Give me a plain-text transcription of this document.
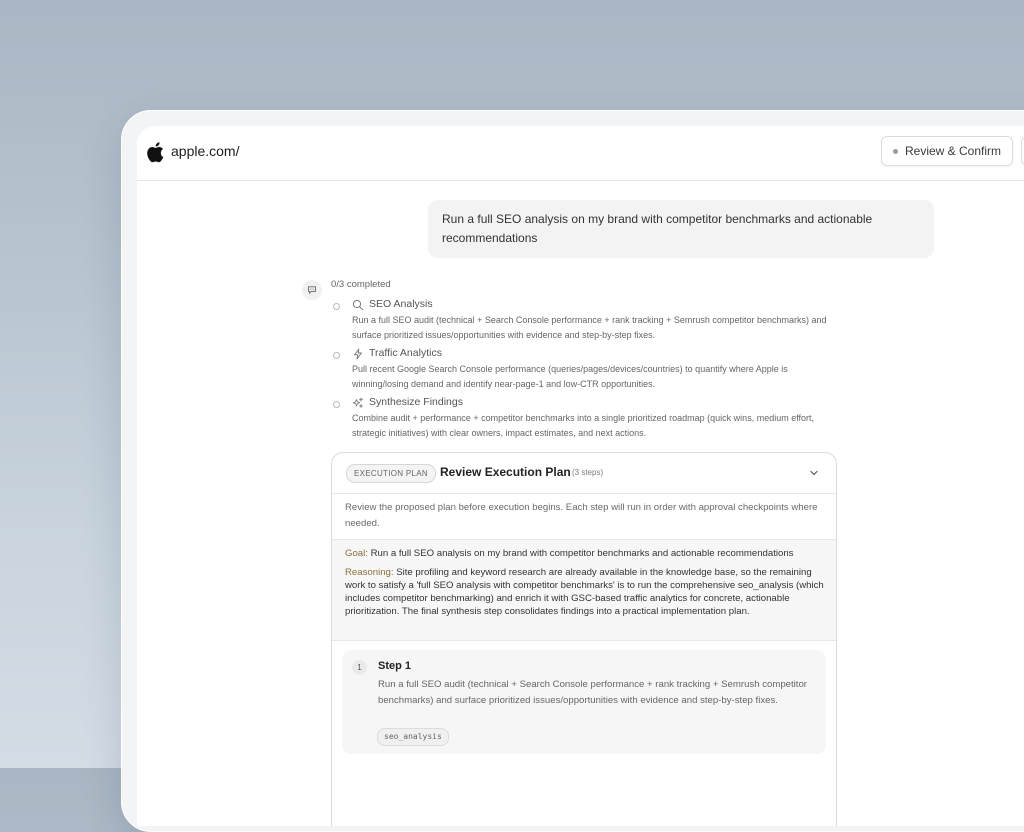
apple.com/	Review & Confirm
Run a full SEO analysis on my brand with competitor benchmarks and actionable recommendations
0/3 completed
SEO Analysis
Run a full SEO audit (technical + Search Console performance + rank tracking + Semrush competitor benchmarks) and surface prioritized issues/opportunities with evidence and step-by-step fixes.
Traffic Analytics
Pull recent Google Search Console performance (queries/pages/devices/countries) to quantify where Apple is winning/losing demand and identify near-page-1 and low-CTR opportunities.
Synthesize Findings
Combine audit + performance + competitor benchmarks into a single prioritized roadmap (quick wins, medium effort, strategic initiatives) with clear owners, impact estimates, and next actions.
EXECUTION PLAN	Review Execution Plan (3 steps)
Review the proposed plan before execution begins. Each step will run in order with approval checkpoints where needed.
Goal: Run a full SEO analysis on my brand with competitor benchmarks and actionable recommendations
Reasoning: Site profiling and keyword research are already available in the knowledge base, so the remaining work to satisfy a 'full SEO analysis with competitor benchmarks' is to run the comprehensive seo_analysis (which includes competitor benchmarking) and enrich it with GSC-based traffic analytics for concrete, actionable prioritization. The final synthesis step consolidates findings into a practical implementation plan.
1	Step 1
Run a full SEO audit (technical + Search Console performance + rank tracking + Semrush competitor benchmarks) and surface prioritized issues/opportunities with evidence and step-by-step fixes.
seo_analysis
